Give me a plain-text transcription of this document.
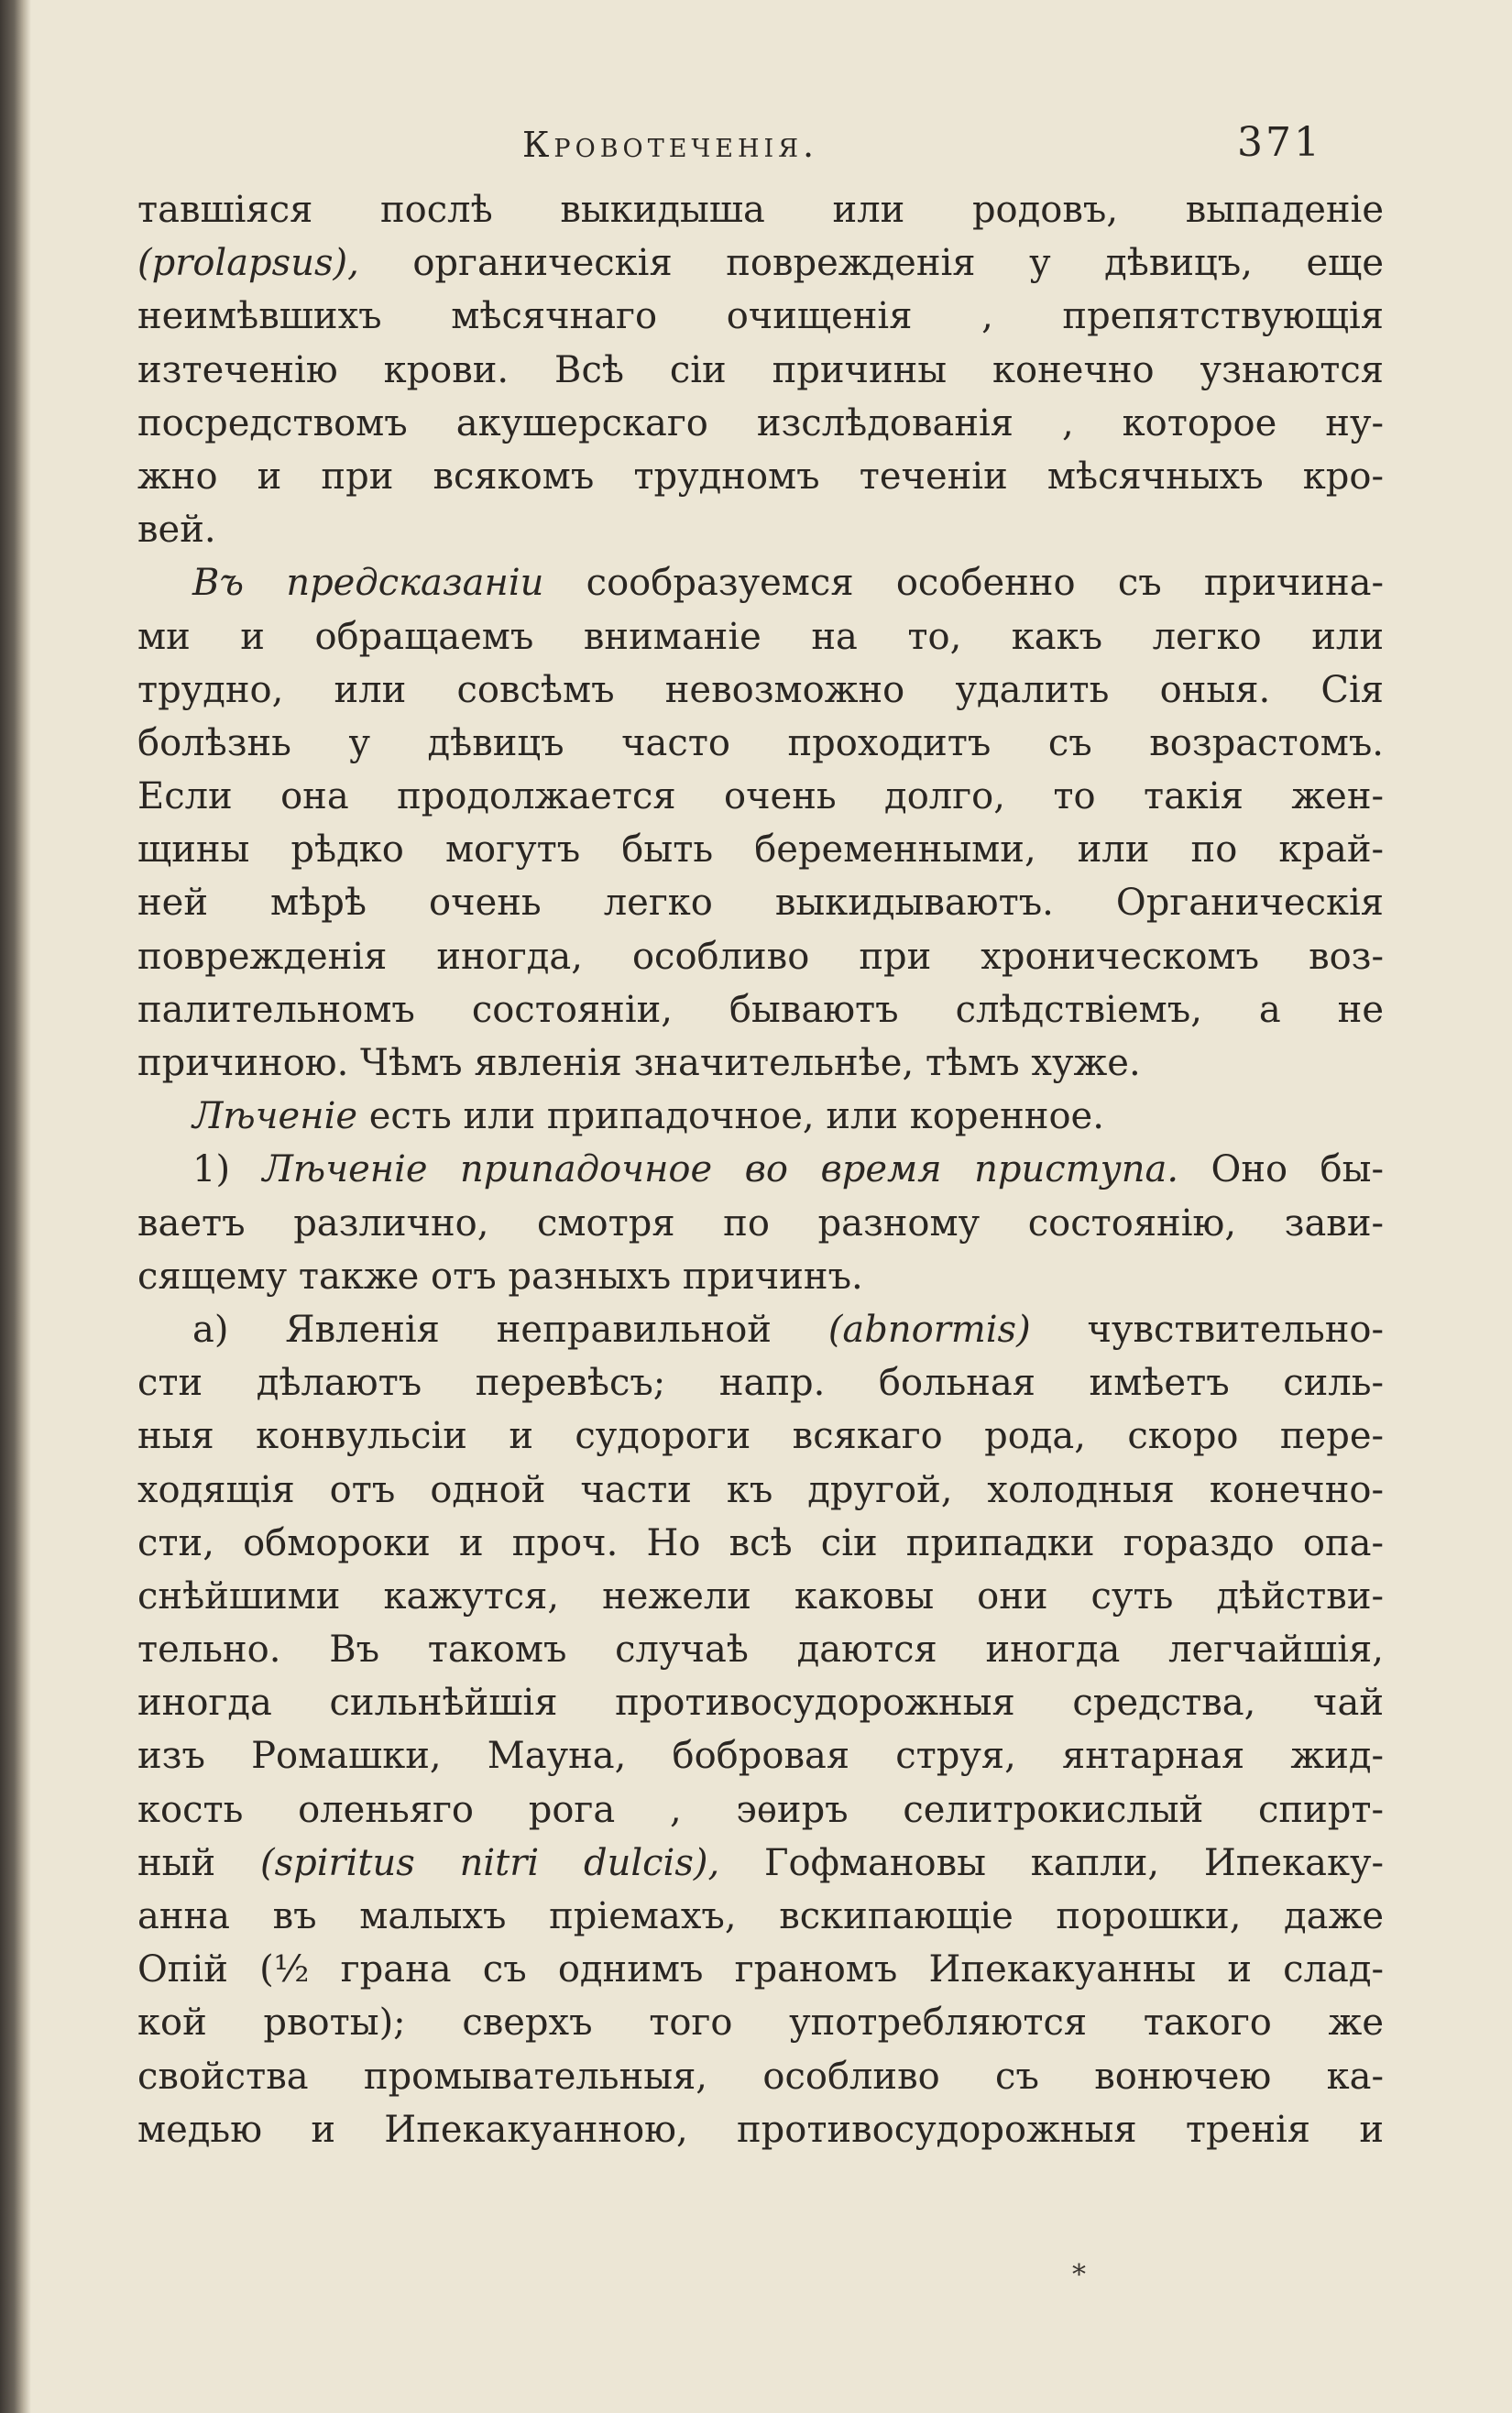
Кровотеченія.	371
тавшіяся послѣ выкидыша или родовъ, выпаденіе
(prolapsus), органическія поврежденія у дѣвицъ, еще
неимѣвшихъ мѣсячнаго очищенія , препятствующія
изтеченію крови. Всѣ сіи причины конечно узнаются
посредствомъ акушерскаго изслѣдованія , которое ну-
жно и при всякомъ трудномъ теченіи мѣсячныхъ кро-
вей.
Въ предсказаніи сообразуемся особенно съ причина-
ми и обращаемъ вниманіе на то, какъ легко или
трудно, или совсѣмъ невозможно удалить оныя. Сія
болѣзнь у дѣвицъ часто проходитъ съ возрастомъ.
Если она продолжается очень долго, то такія жен-
щины рѣдко могутъ быть беременными, или по край-
ней мѣрѣ очень легко выкидываютъ. Органическія
поврежденія иногда, особливо при хроническомъ воз-
палительномъ состояніи, бываютъ слѣдствіемъ, а не
причиною. Чѣмъ явленія значительнѣе, тѣмъ хуже.
Лѣченіе есть или припадочное, или коренное.
1) Лѣченіе припадочное во время приступа. Оно бы-
ваетъ различно, смотря по разному состоянію, зави-
сящему также отъ разныхъ причинъ.
а) Явленія неправильной (abnormis) чувствительно-
сти дѣлаютъ перевѣсъ; напр. больная имѣетъ силь-
ныя конвульсіи и судороги всякаго рода, скоро пере-
ходящія отъ одной части къ другой, холодныя конечно-
сти, обмороки и проч. Но всѣ сіи припадки гораздо опа-
снѣйшими кажутся, нежели каковы они суть дѣйстви-
тельно. Въ такомъ случаѣ даются иногда легчайшія,
иногда сильнѣйшія противосудорожныя средства, чай
изъ Ромашки, Мауна, бобровая струя, янтарная жид-
кость оленьяго рога , эѳиръ селитрокислый спирт-
ный (spiritus nitri dulcis), Гофмановы капли, Ипекаку-
анна въ малыхъ пріемахъ, вскипающіе порошки, даже
Опій (½ грана съ однимъ граномъ Ипекакуанны и слад-
кой рвоты); сверхъ того употребляются такого же
свойства промывательныя, особливо съ вонючею ка-
медью и Ипекакуанною, противосудорожныя тренія и
*
